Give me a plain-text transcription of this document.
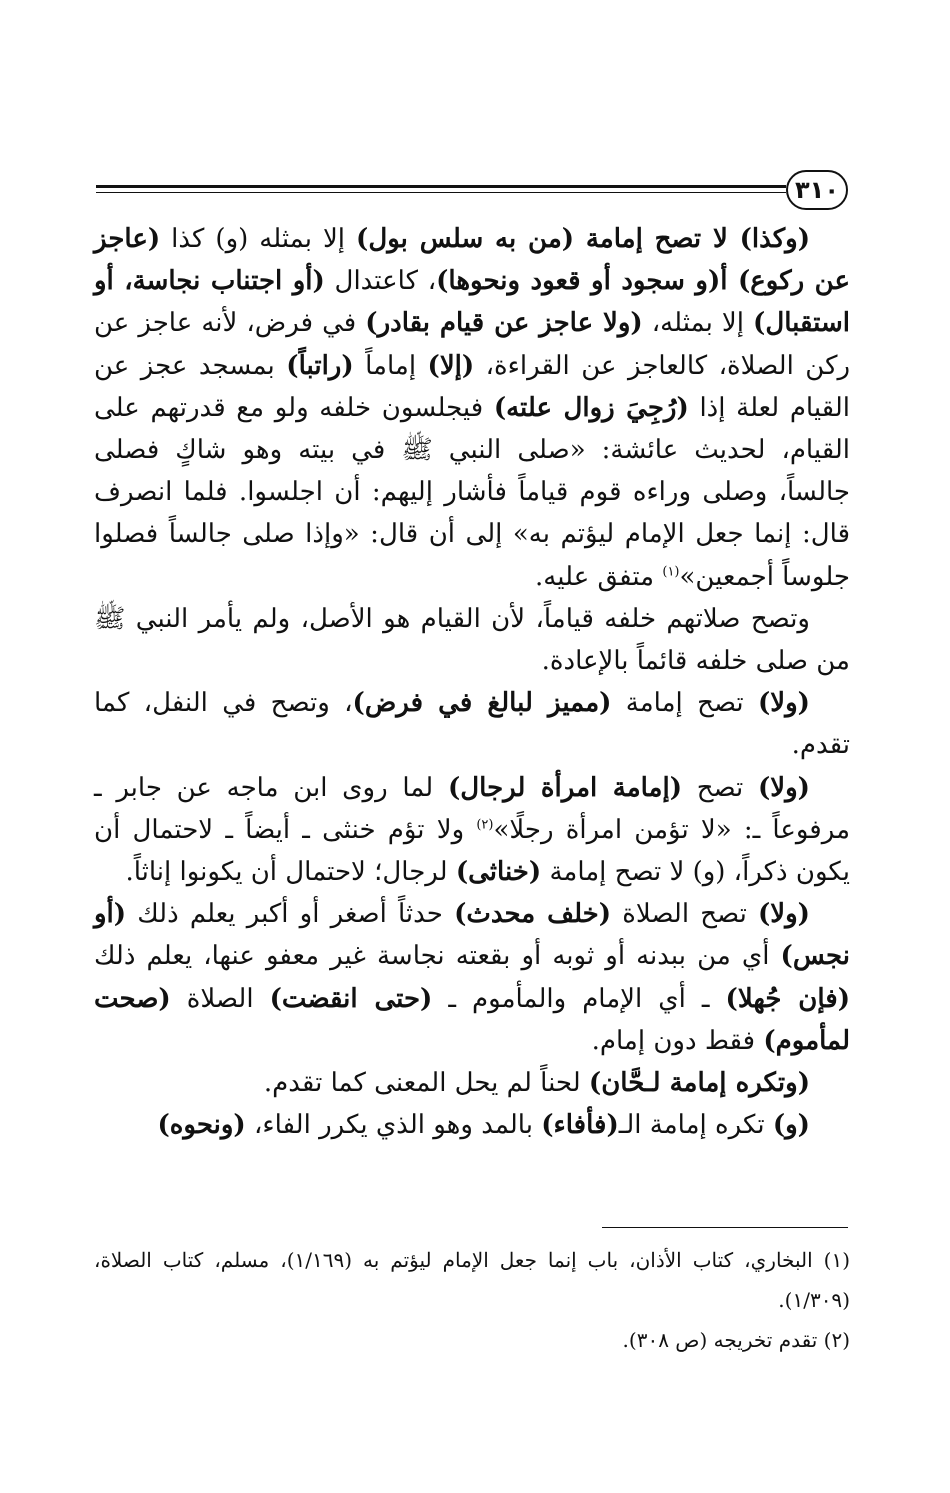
٣١٠

(وكذا) لا تصح إمامة (من به سلس بول) إلا بمثله (و) كذا (عاجز عن ركوع) أ(و سجود أو قعود ونحوها)، كاعتدال (أو اجتناب نجاسة، أو استقبال) إلا بمثله، (ولا عاجز عن قيام بقادر) في فرض، لأنه عاجز عن ركن الصلاة، كالعاجز عن القراءة، (إلا) إماماً (راتباً) بمسجد عجز عن القيام لعلة إذا (رُجِيَ زوال علته) فيجلسون خلفه ولو مع قدرتهم على القيام، لحديث عائشة: «صلى النبي ﷺ في بيته وهو شاكٍ فصلى جالساً، وصلى وراءه قوم قياماً فأشار إليهم: أن اجلسوا. فلما انصرف قال: إنما جعل الإمام ليؤتم به» إلى أن قال: «وإذا صلى جالساً فصلوا جلوساً أجمعين»$^{(١)}$ متفق عليه.

وتصح صلاتهم خلفه قياماً، لأن القيام هو الأصل، ولم يأمر النبي ﷺ من صلى خلفه قائماً بالإعادة.

(ولا) تصح إمامة (مميز لبالغ في فرض)، وتصح في النفل، كما تقدم.

(ولا) تصح (إمامة امرأة لرجال) لما روى ابن ماجه عن جابر ـ مرفوعاً ـ: «لا تؤمن امرأة رجلًا»$^{(٢)}$ ولا تؤم خنثى ـ أيضاً ـ لاحتمال أن يكون ذكراً، (و) لا تصح إمامة (خناثى) لرجال؛ لاحتمال أن يكونوا إناثاً.

(ولا) تصح الصلاة (خلف محدث) حدثاً أصغر أو أكبر يعلم ذلك (أو نجس) أي من ببدنه أو ثوبه أو بقعته نجاسة غير معفو عنها، يعلم ذلك (فإن جُهلا) ـ أي الإمام والمأموم ـ (حتى انقضت) الصلاة (صحت لمأموم) فقط دون إمام.

(وتكره إمامة لـحَّان) لحناً لم يحل المعنى كما تقدم.

(و) تكره إمامة الـ(فأفاء) بالمد وهو الذي يكرر الفاء، (ونحوه)

(١) البخاري، كتاب الأذان، باب إنما جعل الإمام ليؤتم به (١/١٦٩)، مسلم، كتاب الصلاة، (١/٣٠٩).

(٢) تقدم تخريجه (ص ٣٠٨).
